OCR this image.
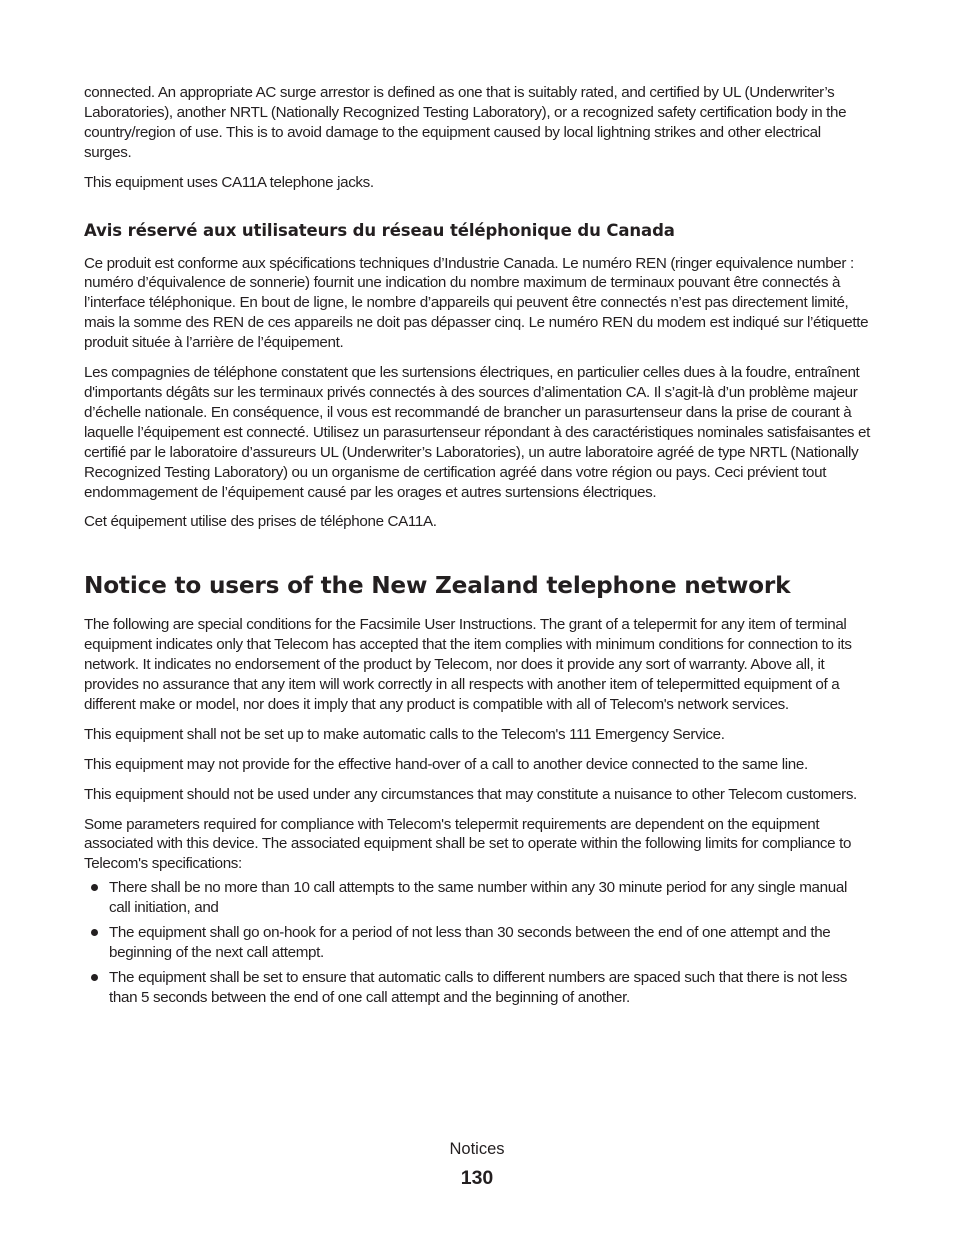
connected. An appropriate AC surge arrestor is defined as one that is suitably rated, and certified by UL (Underwriter’s Laboratories), another NRTL (Nationally Recognized Testing Laboratory), or a recognized safety certification body in the country/region of use. This is to avoid damage to the equipment caused by local lightning strikes and other electrical surges.

This equipment uses CA11A telephone jacks.

Avis réservé aux utilisateurs du réseau téléphonique du Canada

Ce produit est conforme aux spécifications techniques d’Industrie Canada. Le numéro REN (ringer equivalence number : numéro d’équivalence de sonnerie) fournit une indication du nombre maximum de terminaux pouvant être connectés à l’interface téléphonique. En bout de ligne, le nombre d’appareils qui peuvent être connectés n’est pas directement limité, mais la somme des REN de ces appareils ne doit pas dépasser cinq. Le numéro REN du modem est indiqué sur l’étiquette produit située à l’arrière de l’équipement.

Les compagnies de téléphone constatent que les surtensions électriques, en particulier celles dues à la foudre, entraînent d'importants dégâts sur les terminaux privés connectés à des sources d’alimentation CA. Il s’agit-là d’un problème majeur d’échelle nationale. En conséquence, il vous est recommandé de brancher un parasurtenseur dans la prise de courant à laquelle l’équipement est connecté. Utilisez un parasurtenseur répondant à des caractéristiques nominales satisfaisantes et certifié par le laboratoire d’assureurs UL (Underwriter’s Laboratories), un autre laboratoire agréé de type NRTL (Nationally Recognized Testing Laboratory) ou un organisme de certification agréé dans votre région ou pays. Ceci prévient tout endommagement de l’équipement causé par les orages et autres surtensions électriques.

Cet équipement utilise des prises de téléphone CA11A.

Notice to users of the New Zealand telephone network

The following are special conditions for the Facsimile User Instructions. The grant of a telepermit for any item of terminal equipment indicates only that Telecom has accepted that the item complies with minimum conditions for connection to its network. It indicates no endorsement of the product by Telecom, nor does it provide any sort of warranty. Above all, it provides no assurance that any item will work correctly in all respects with another item of telepermitted equipment of a different make or model, nor does it imply that any product is compatible with all of Telecom's network services.

This equipment shall not be set up to make automatic calls to the Telecom's 111 Emergency Service.

This equipment may not provide for the effective hand-over of a call to another device connected to the same line.

This equipment should not be used under any circumstances that may constitute a nuisance to other Telecom customers.

Some parameters required for compliance with Telecom's telepermit requirements are dependent on the equipment associated with this device. The associated equipment shall be set to operate within the following limits for compliance to Telecom's specifications:

There shall be no more than 10 call attempts to the same number within any 30 minute period for any single manual call initiation, and
The equipment shall go on-hook for a period of not less than 30 seconds between the end of one attempt and the beginning of the next call attempt.
The equipment shall be set to ensure that automatic calls to different numbers are spaced such that there is not less than 5 seconds between the end of one call attempt and the beginning of another.
Notices
130
